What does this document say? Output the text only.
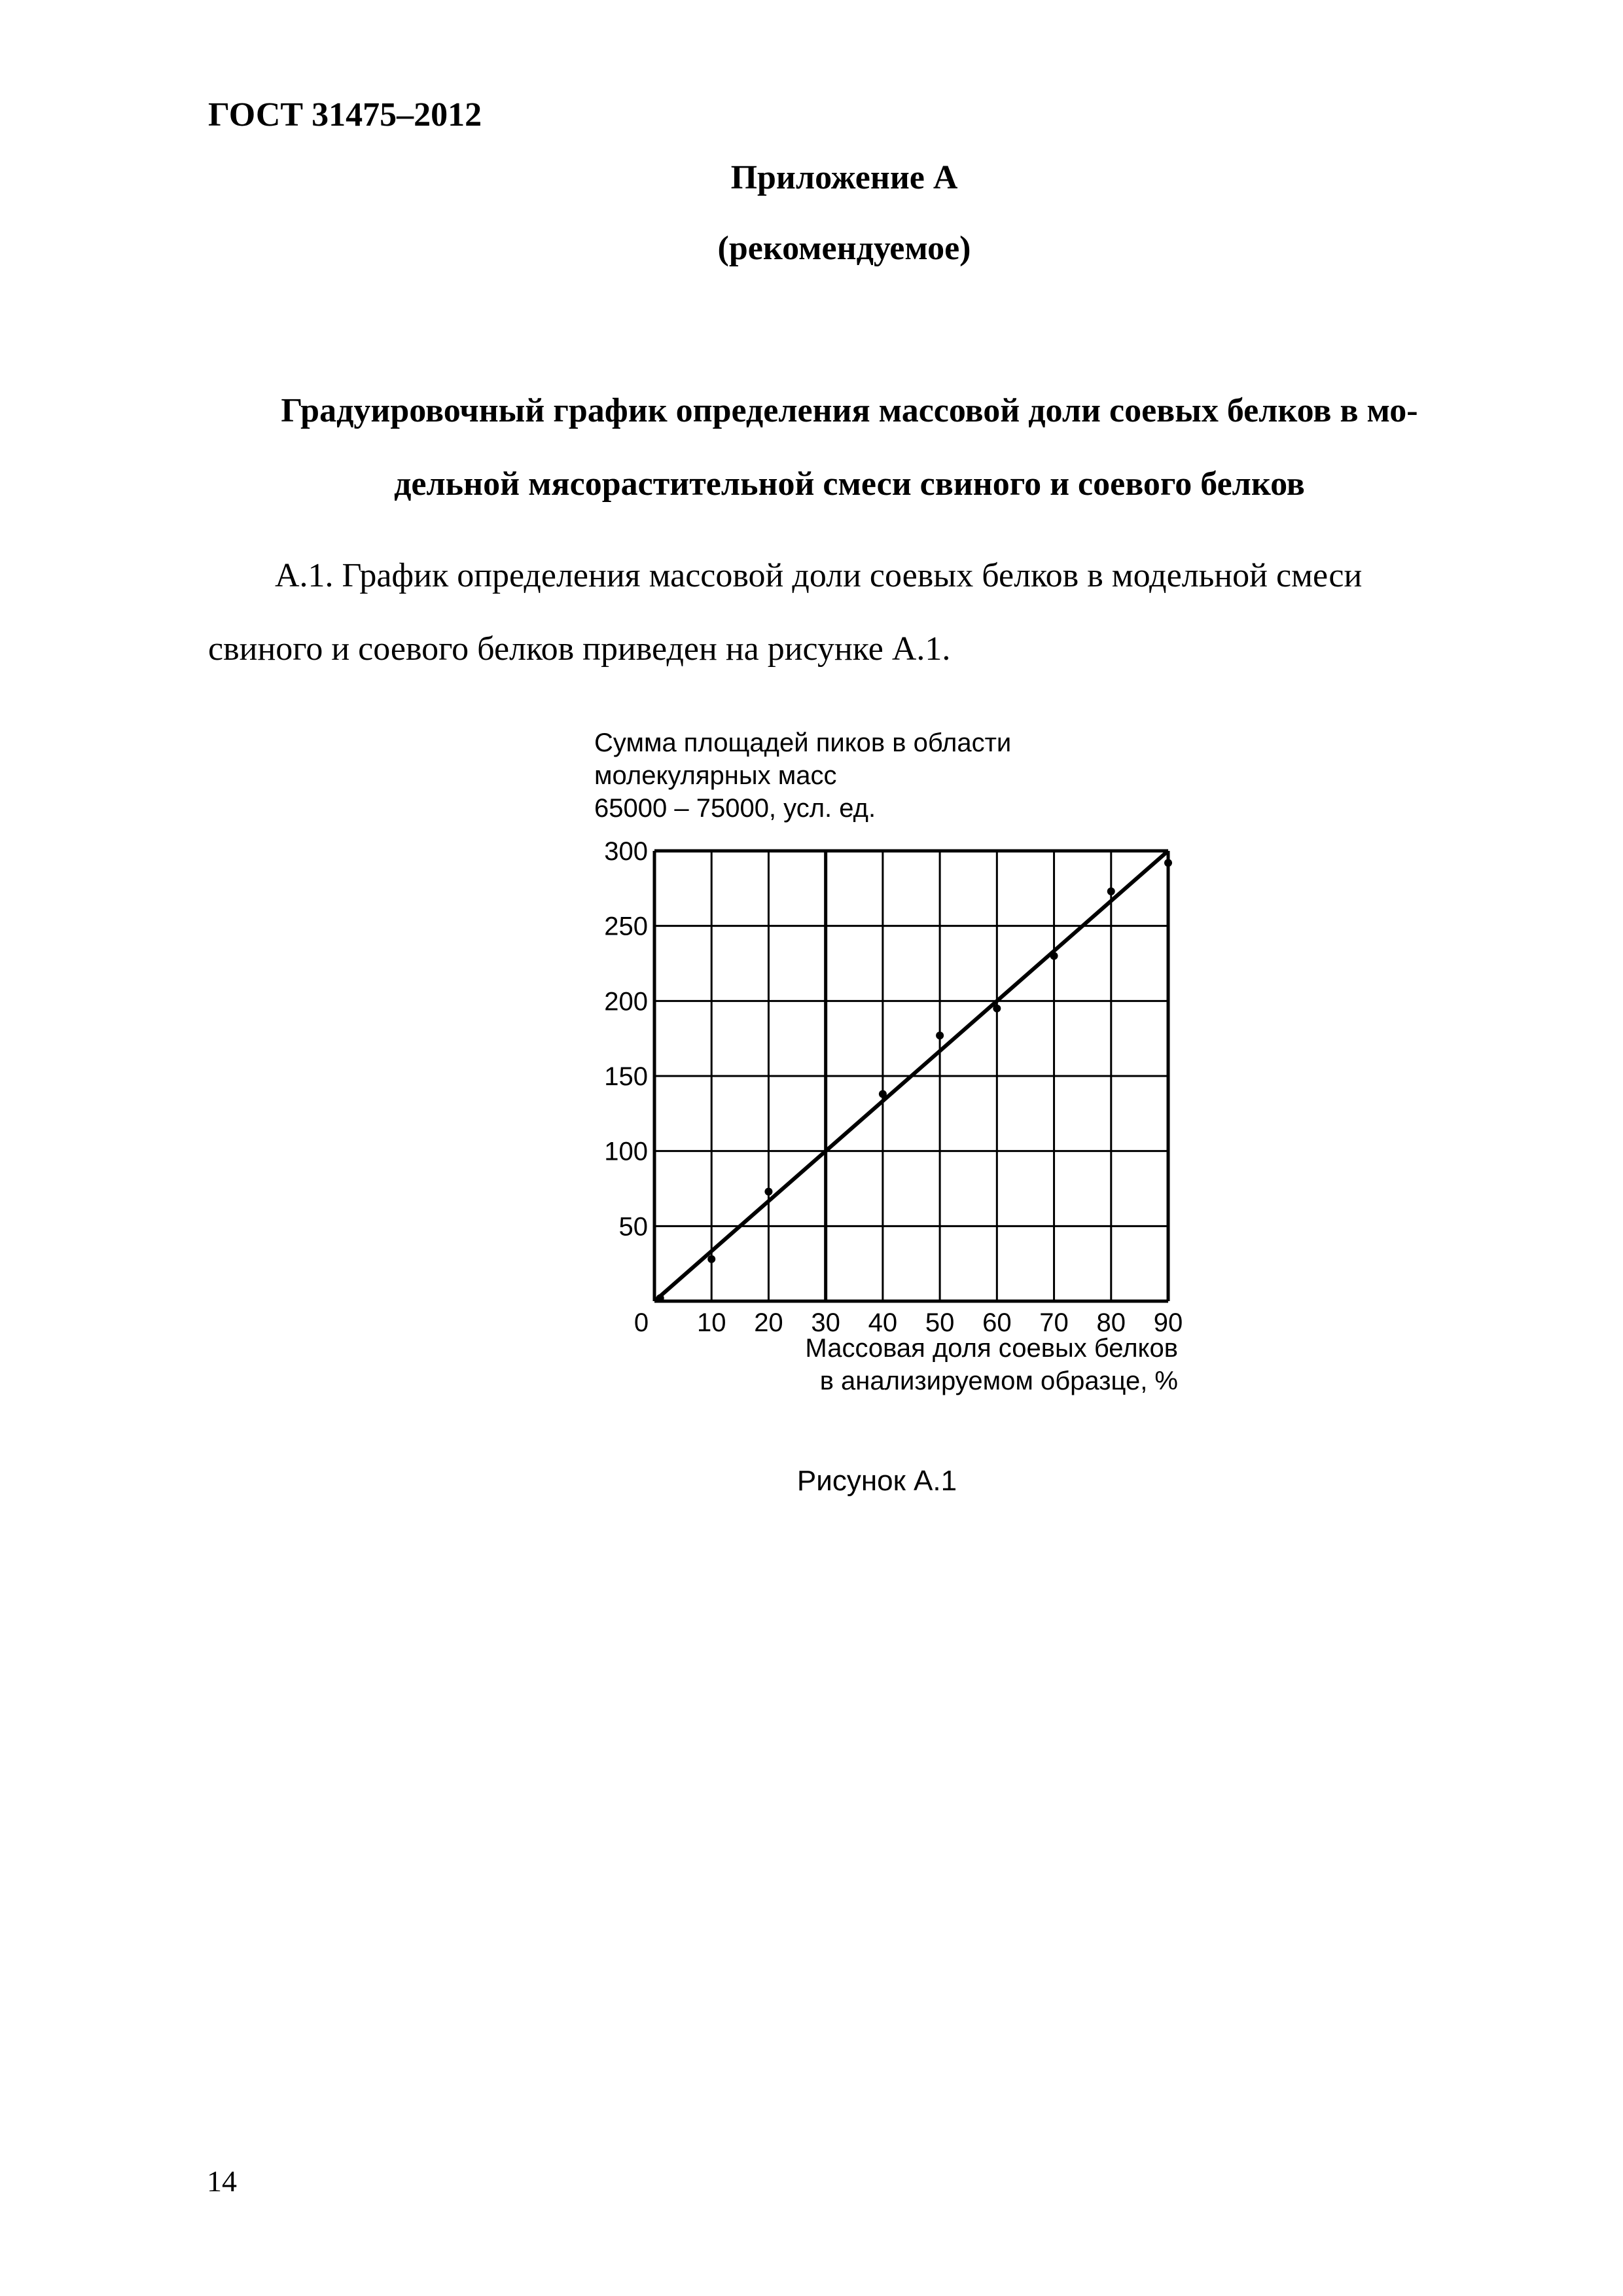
ГОСТ 31475–2012
Приложение А
(рекомендуемое)
Градуировочный график определения массовой доли соевых белков в мо-
дельной мясорастительной смеси свиного и соевого белков
А.1. График определения массовой доли соевых белков в модельной смеси
свиного и соевого белков приведен на рисунке А.1.
Сумма площадей пиков в области
молекулярных масс
65000 – 75000, усл. ед.
0 10 20 30 40 50 60 70 80 90
50
100
150
200
250
300
Массовая доля соевых белков
в анализируемом образце, %
Рисунок А.1
14
